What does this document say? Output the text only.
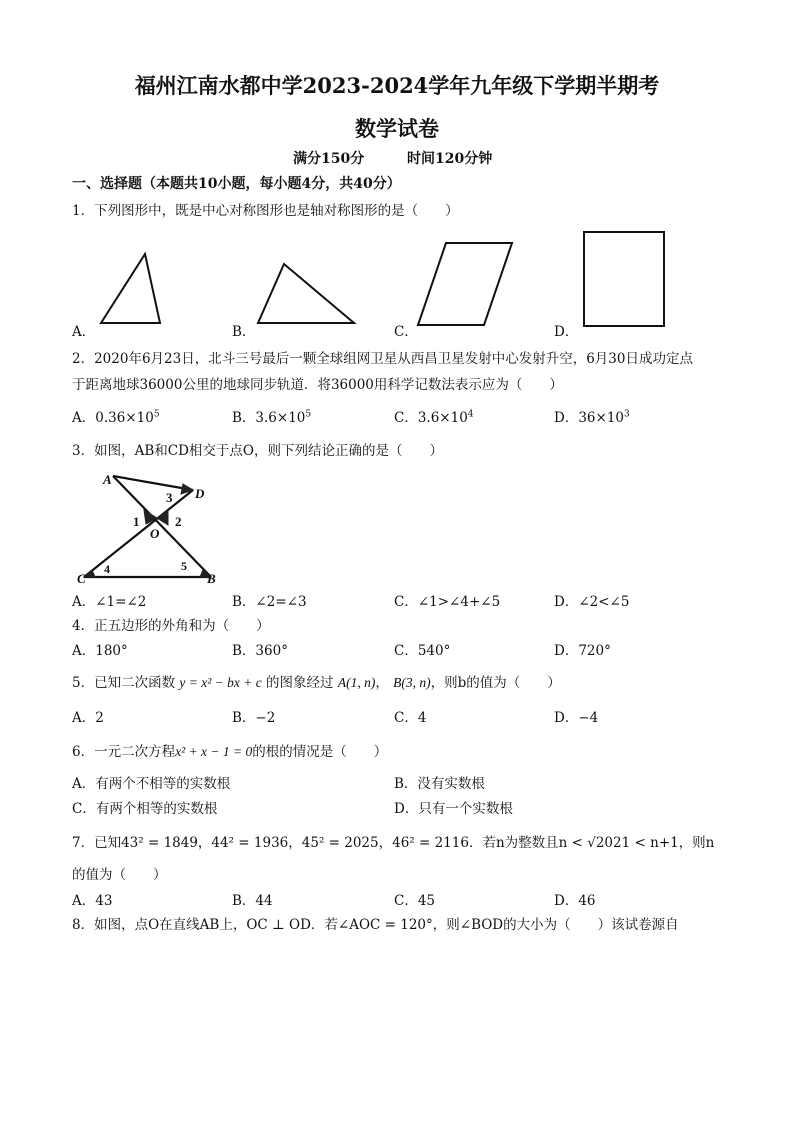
福州江南水都中学2023-2024学年九年级下学期半期考
数学试卷
满分150分	时间120分钟
一、选择题（本题共10小题，每小题4分，共40分）
1．下列图形中，既是中心对称图形也是轴对称图形的是（　　）
A．	B．	C．	D．
2．2020年6月23日，北斗三号最后一颗全球组网卫星从西昌卫星发射中心发射升空，6月30日成功定点
于距离地球36000公里的地球同步轨道．将36000用科学记数法表示应为（　　）
A．$0.36\times 10^5$	B．$3.6\times 10^5$	C．$3.6\times 10^4$	D．$36\times 10^3$
3．如图，AB和CD相交于点O，则下列结论正确的是（　　）
A
D
O
C	B
1	2
3
4	5
A．∠1=∠2	B．∠2=∠3	C．∠1>∠4+∠5	D．∠2<∠5
4．正五边形的外角和为（　　）
A．180°	B．360°	C．540°	D．720°
5．已知二次函数 y = x² − bx + c 的图象经过 A(1, n)， B(3, n)，则b的值为（　　）
A．2	B．−2	C．4	D．−4
6．一元二次方程x² + x − 1 = 0的根的情况是（　　）
A．有两个不相等的实数根	B．没有实数根
C．有两个相等的实数根	D．只有一个实数根
7．已知43² = 1849，44² = 1936，45² = 2025，46² = 2116．若n为整数且n < √2021 < n+1，则n
的值为（　　）
A．43	B．44	C．45	D．46
8．如图，点O在直线AB上，OC ⊥ OD．若∠AOC = 120°，则∠BOD的大小为（　　）该试卷源自
